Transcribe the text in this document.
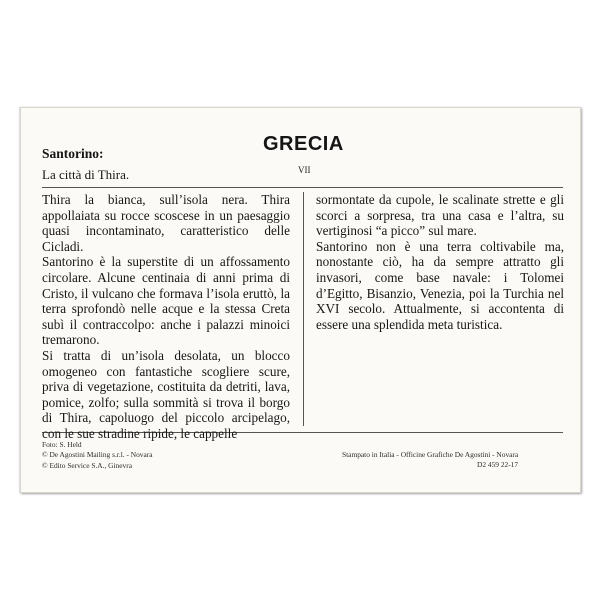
GRECIA
Santorino:
La città di Thira.	VII

Thira la bianca, sull’isola nera. Thira appollaiata su rocce scoscese in un paesaggio quasi incontaminato, caratteristico delle Cicladi.

Santorino è la superstite di un affossamento circolare. Alcune centinaia di anni prima di Cristo, il vulcano che formava l’isola eruttò, la terra sprofondò nelle acque e la stessa Creta subì il contraccolpo: anche i palazzi minoici tremarono.

Si tratta di un’isola desolata, un blocco omogeneo con fantastiche scogliere scure, priva di vegetazione, costituita da detriti, lava, pomice, zolfo; sulla sommità si trova il borgo di Thira, capoluogo del piccolo arcipelago, con le sue stradine ripide, le cappelle

sormontate da cupole, le scalinate strette e gli scorci a sorpresa, tra una casa e l’altra, su vertiginosi “a picco” sul mare.

Santorino non è una terra coltivabile ma, nonostante ciò, ha da sempre attratto gli invasori, come base navale: i Tolomei d’Egitto, Bisanzio, Venezia, poi la Turchia nel XVI secolo. Attualmente, si accontenta di essere una splendida meta turistica.

Foto: S. Held
© De Agostini Mailing s.r.l. - Novara
© Edito Service S.A., Ginevra
Stampato in Italia - Officine Grafiche De Agostini - Novara
D2 459 22-17
